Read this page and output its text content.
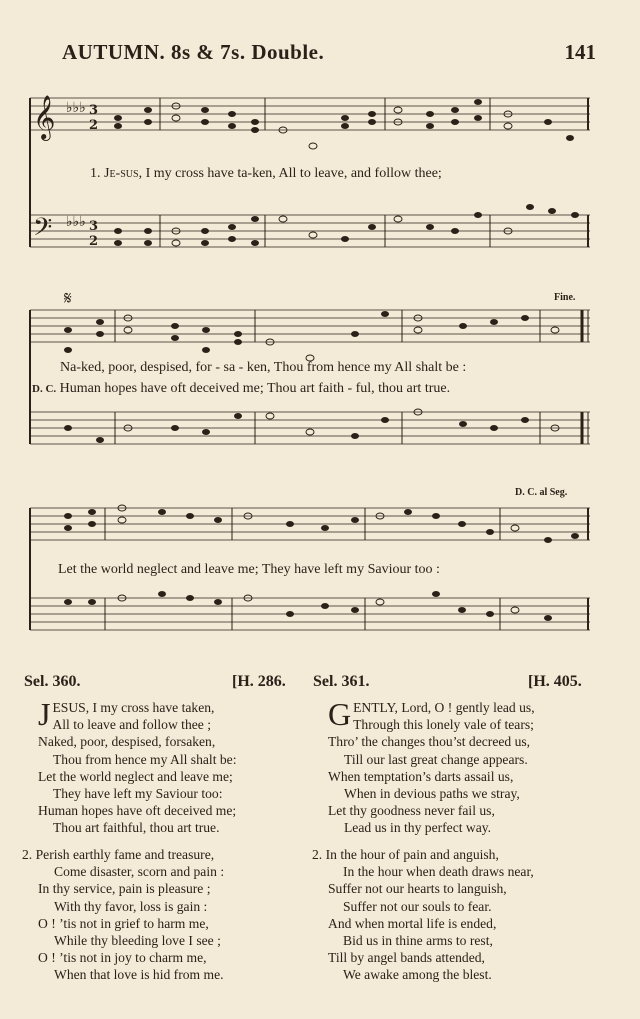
AUTUMN. 8s & 7s. Double.	141
𝄞
𝄢
♭♭♭
♭♭♭
3
2
3
2
𝄋
1. Je-sus, I my cross have ta-ken, All to leave, and follow thee;
Na-ked, poor, despised, for - sa - ken, Thou from hence my All shalt be :
D. C. Human hopes have oft deceived me; Thou art faith - ful, thou art true.
Let the world neglect and leave me; They have left my Saviour too :
Fine.
D. C. al Seg.
Sel. 360.	[H. 286. Sel. 361.	[H. 405.
J ESUS, I my cross have taken,
All to leave and follow thee ;
Naked, poor, despised, forsaken,
Thou from hence my All shalt be:
Let the world neglect and leave me;
They have left my Saviour too:
Human hopes have oft deceived me;
Thou art faithful, thou art true.
2. Perish earthly fame and treasure,
Come disaster, scorn and pain :
In thy service, pain is pleasure ;
With thy favor, loss is gain :
O ! ’tis not in grief to harm me,
While thy bleeding love I see ;
O ! ’tis not in joy to charm me,
When that love is hid from me.
G ENTLY, Lord, O ! gently lead us,
Through this lonely vale of tears;
Thro’ the changes thou’st decreed us,
Till our last great change appears.
When temptation’s darts assail us,
When in devious paths we stray,
Let thy goodness never fail us,
Lead us in thy perfect way.
2. In the hour of pain and anguish,
In the hour when death draws near,
Suffer not our hearts to languish,
Suffer not our souls to fear.
And when mortal life is ended,
Bid us in thine arms to rest,
Till by angel bands attended,
We awake among the blest.
